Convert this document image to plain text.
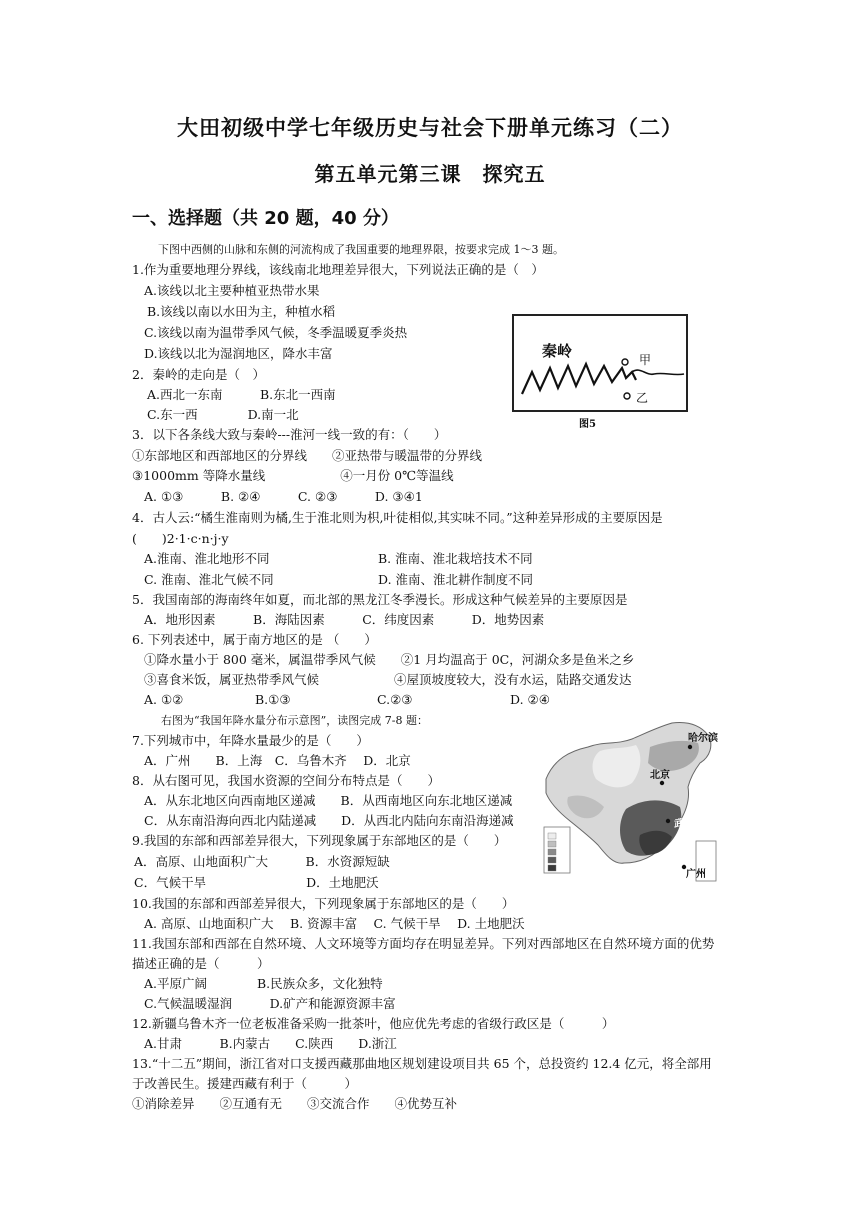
大田初级中学七年级历史与社会下册单元练习（二）
第五单元第三课　探究五
一、选择题（共 20 题，40 分）
下图中西侧的山脉和东侧的河流构成了我国重要的地理界限，按要求完成 1～3 题。
1.作为重要地理分界线，该线南北地理差异很大，下列说法正确的是（　）
A.该线以北主要种植亚热带水果
B.该线以南以水田为主，种植水稻
C.该线以南为温带季风气候，冬季温暖夏季炎热
D.该线以北为湿润地区，降水丰富
2．秦岭的走向是（　）
A.西北一东南　　　B.东北一西南
C.东一西　　　　D.南一北
3．以下各条线大致与秦岭---淮河一线一致的有：（　　）
①东部地区和西部地区的分界线　　②亚热带与暖温带的分界线
③1000mm 等降水量线　　　　　　④一月份 0℃等温线
A. ①③　　　B. ②④　　　C. ②③　　　D. ③④1
4．古人云:“橘生淮南则为橘,生于淮北则为枳,叶徒相似,其实味不同。”这种差异形成的主要原因是
(　　)2·1·c·n·j·y
A.淮南、淮北地形不同	B. 淮南、淮北栽培技术不同
C. 淮南、淮北气候不同	D. 淮南、淮北耕作制度不同
5．我国南部的海南终年如夏，而北部的黑龙江冬季漫长。形成这种气候差异的主要原因是
A．地形因素　　　B．海陆因素　　　C．纬度因素　　　D．地势因素
6. 下列表述中，属于南方地区的是 （　　）
①降水量小于 800 毫米，属温带季风气候　　②1 月均温高于 0C，河湖众多是鱼米之乡
③喜食米饭，属亚热带季风气候　　　　　　④屋顶坡度较大，没有水运，陆路交通发达
A. ①②	B.①③	C.②③	D. ②④
右图为“我国年降水量分布示意图”，读图完成 7-8 题：
7.下列城市中，年降水量最少的是（　　）
A．广州　　B．上海　C．乌鲁木齐　 D．北京
8．从右图可见，我国水资源的空间分布特点是（　　）
A．从东北地区向西南地区递减　　B．从西南地区向东北地区递减
C．从东南沿海向西北内陆递减　　D．从西北内陆向东南沿海递减
9.我国的东部和西部差异很大，下列现象属于东部地区的是（　　）
A．高原、山地面积广大　　　B．水资源短缺
C．气候干旱　　　　　　　　D．土地肥沃
10.我国的东部和西部差异很大，下列现象属于东部地区的是（　　）
A. 高原、山地面积广大　 B. 资源丰富　 C. 气候干旱　 D. 土地肥沃
11.我国东部和西部在自然环境、人文环境等方面均存在明显差异。下列对西部地区在自然环境方面的优势
描述正确的是（　　　）
A.平原广阔　　　　B.民族众多，文化独特
C.气候温暖湿润　　　D.矿产和能源资源丰富
12.新疆乌鲁木齐一位老板准备采购一批茶叶，他应优先考虑的省级行政区是（　　　）
A.甘肃　　　B.内蒙古　　C.陕西　　D.浙江
13.“十二五”期间，浙江省对口支援西藏那曲地区规划建设项目共 65 个，总投资约 12.4 亿元，将全部用
于改善民生。援建西藏有利于（　　　）
①消除差异　　②互通有无　　③交流合作　　④优势互补
秦岭	甲
乙
图5
哈尔滨
北京
武汉
广州
